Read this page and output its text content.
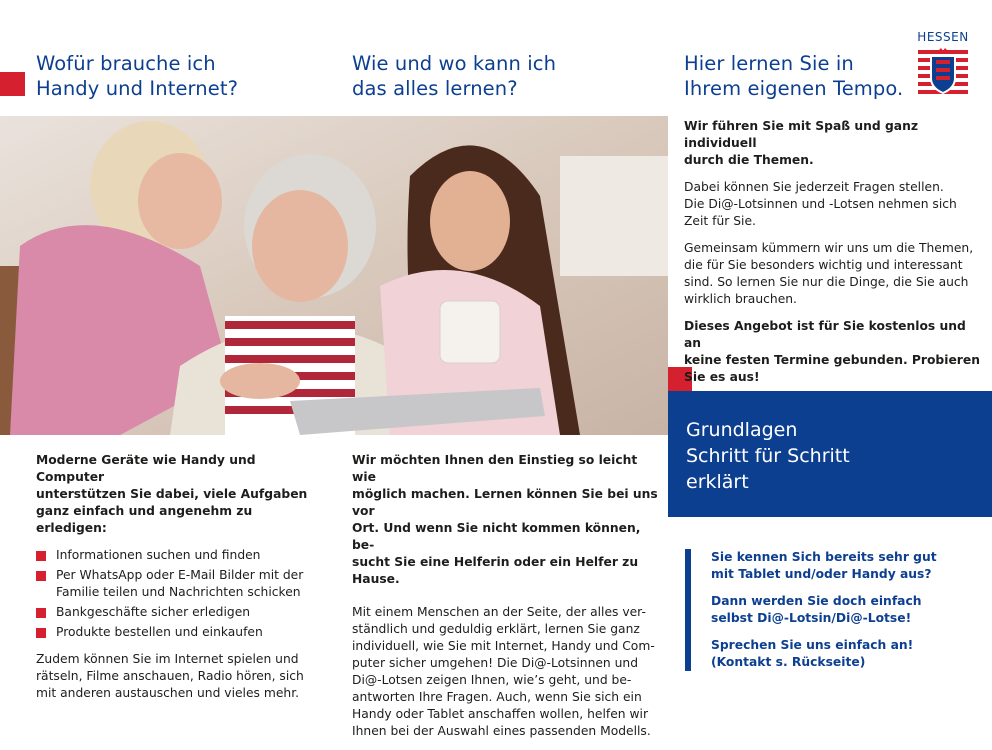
HESSEN
Wofür brauche ich
Handy und Internet?
Wie und wo kann ich
das alles lernen?
Hier lernen Sie in
Ihrem eigenen Tempo.

Moderne Geräte wie Handy und Computer
unterstützen Sie dabei, viele Aufgaben
ganz einfach und angenehm zu erledigen:

Informationen suchen und finden
Per WhatsApp oder E-Mail Bilder mit der
Familie teilen und Nachrichten schicken
Bankgeschäfte sicher erledigen
Produkte bestellen und einkaufen

Zudem können Sie im Internet spielen und
rätseln, Filme anschauen, Radio hören, sich
mit anderen austauschen und vieles mehr.

Wir möchten Ihnen den Einstieg so leicht wie
möglich machen. Lernen können Sie bei uns vor
Ort. Und wenn Sie nicht kommen können, be-
sucht Sie eine Helferin oder ein Helfer zu Hause.

Mit einem Menschen an der Seite, der alles ver-
ständlich und geduldig erklärt, lernen Sie ganz
individuell, wie Sie mit Internet, Handy und Com-
puter sicher umgehen! Die Di@-Lotsinnen und
Di@-Lotsen zeigen Ihnen, wie’s geht, und be-
antworten Ihre Fragen. Auch, wenn Sie sich ein
Handy oder Tablet anschaffen wollen, helfen wir
Ihnen bei der Auswahl eines passenden Modells.

Wir führen Sie mit Spaß und ganz individuell
durch die Themen.

Dabei können Sie jederzeit Fragen stellen.
Die Di@-Lotsinnen und -Lotsen nehmen sich
Zeit für Sie.

Gemeinsam kümmern wir uns um die Themen,
die für Sie besonders wichtig und interessant
sind. So lernen Sie nur die Dinge, die Sie auch
wirklich brauchen.

Dieses Angebot ist für Sie kostenlos und an
keine festen Termine gebunden. Probieren
Sie es aus!

Grundlagen
Schritt für Schritt
erklärt

Sie kennen Sich bereits sehr gut
mit Tablet und/oder Handy aus?

Dann werden Sie doch einfach
selbst Di@-Lotsin/Di@-Lotse!

Sprechen Sie uns einfach an!
(Kontakt s. Rückseite)
